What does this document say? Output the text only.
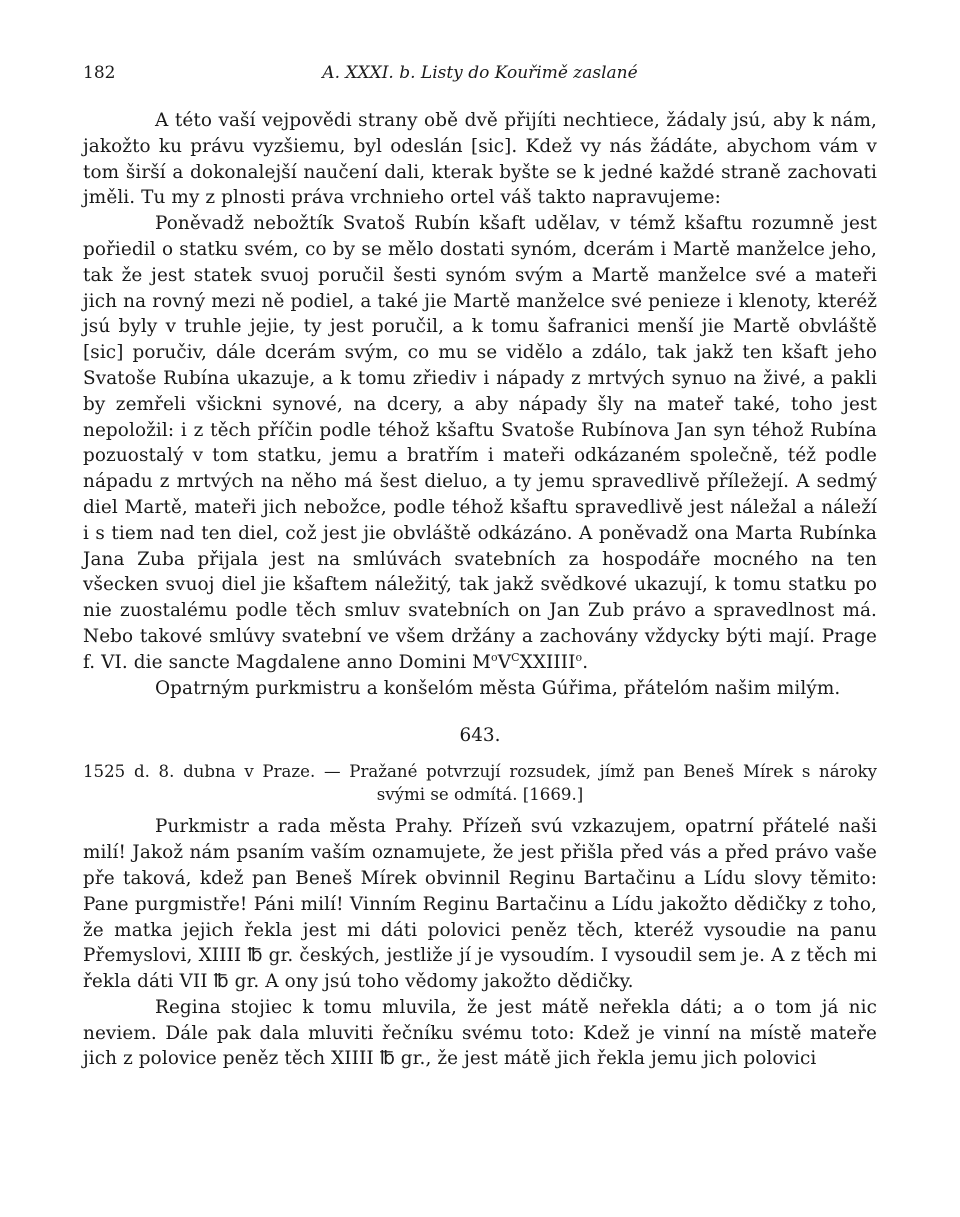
182	A. XXXI. b. Listy do Kouřimě zaslané

A této vaší vejpovědi strany obě dvě přijíti nechtiece, žádaly jsú, aby k nám, jakožto ku právu vyzšiemu, byl odeslán [sic]. Kdež vy nás žádáte, abychom vám v tom širší a dokonalejší naučení dali, kterak byšte se k jedné každé straně zachovati jměli. Tu my z plnosti práva vrchnieho ortel váš takto napravujeme:

Poněvadž nebožtík Svatoš Rubín kšaft udělav, v témž kšaftu rozumně jest pořiedil o statku svém, co by se mělo dostati synóm, dcerám i Martě manželce jeho, tak že jest statek svuoj poručil šesti synóm svým a Martě manželce své a mateři jich na rovný mezi ně podiel, a také jie Martě manželce své penieze i klenoty, kteréž jsú byly v truhle jejie, ty jest poručil, a k tomu šafranici menší jie Martě obvláště [sic] poručiv, dále dcerám svým, co mu se vidělo a zdálo, tak jakž ten kšaft jeho Svatoše Rubína ukazuje, a k tomu zřiediv i nápady z mrtvých synuo na živé, a pakli by zemřeli všickni synové, na dcery, a aby nápady šly na mateř také, toho jest nepoložil: i z těch příčin podle téhož kšaftu Svatoše Rubínova Jan syn téhož Rubína pozuostalý v tom statku, jemu a bratřím i mateři odkázaném společně, též podle nápadu z mrtvých na něho má šest dieluo, a ty jemu spravedlivě příležejí. A sedmý diel Martě, mateři jich nebožce, podle téhož kšaftu spravedlivě jest náležal a náleží i s tiem nad ten diel, což jest jie obvláště odkázáno. A poněvadž ona Marta Rubínka Jana Zuba přijala jest na smlúvách svatebních za hospodáře mocného na ten všecken svuoj diel jie kšaftem náležitý, tak jakž svědkové ukazují, k tomu statku po nie zuostalému podle těch smluv svatebních on Jan Zub právo a spravedlnost má. Nebo takové smlúvy svatební ve všem držány a zachovány vždycky býti mají. Prage f. VI. die sancte Magdalene anno Domini $M^oV^CXXIIII^o$.

Opatrným purkmistru a konšelóm města Gúřima, přátelóm našim milým.

643.
1525 d. 8. dubna v Praze. — Pražané potvrzují rozsudek, jímž pan Beneš Mírek s nároky svými se odmítá. [1669.]

Purkmistr a rada města Prahy. Přízeň svú vzkazujem, opatrní přátelé naši milí! Jakož nám psaním vaším oznamujete, že jest přišla před vás a před právo vaše pře taková, kdež pan Beneš Mírek obvinnil Reginu Bartačinu a Lídu slovy těmito: Pane purgmistře! Páni milí! Vinním Reginu Bartačinu a Lídu jakožto dědičky z toho, že matka jejich řekla jest mi dáti polovici peněz těch, kteréž vysoudie na panu Přemyslovi, XIIII ℔ gr. českých, jestliže jí je vysoudím. I vysoudil sem je. A z těch mi řekla dáti VII ℔ gr. A ony jsú toho vědomy jakožto dědičky.

Regina stojiec k tomu mluvila, že jest mátě neřekla dáti; a o tom já nic neviem. Dále pak dala mluviti řečníku svému toto: Kdež je vinní na místě mateře jich z polovice peněz těch XIIII ℔ gr., že jest mátě jich řekla jemu jich polovici
